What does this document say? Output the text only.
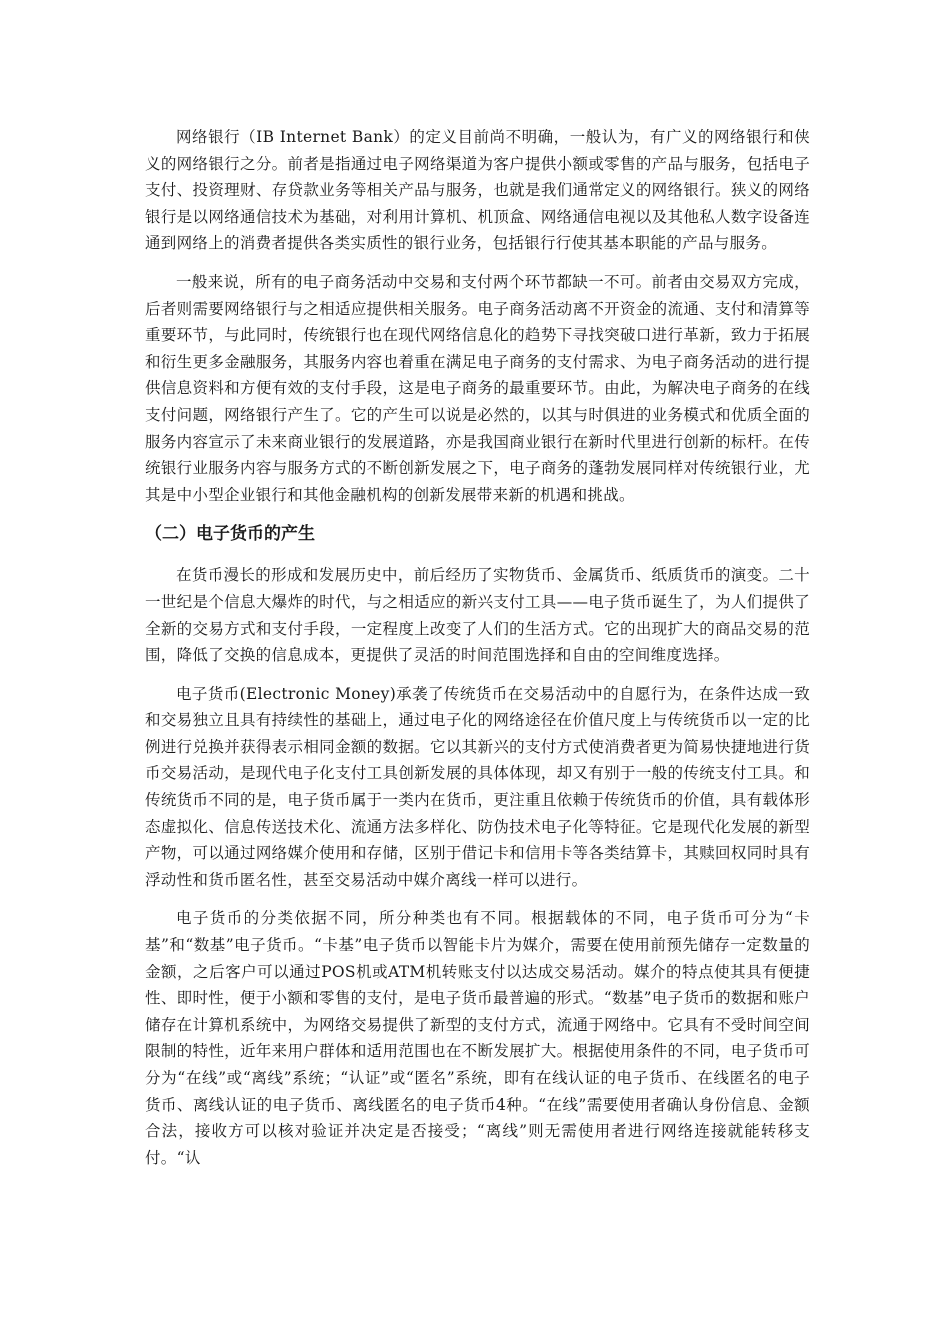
网络银行（IB Internet Bank）的定义目前尚不明确，一般认为，有广义的网络银行和侠义的网络银行之分。前者是指通过电子网络渠道为客户提供小额或零售的产品与服务，包括电子支付、投资理财、存贷款业务等相关产品与服务，也就是我们通常定义的网络银行。狭义的网络银行是以网络通信技术为基础，对利用计算机、机顶盒、网络通信电视以及其他私人数字设备连通到网络上的消费者提供各类实质性的银行业务，包括银行行使其基本职能的产品与服务。

一般来说，所有的电子商务活动中交易和支付两个环节都缺一不可。前者由交易双方完成，后者则需要网络银行与之相适应提供相关服务。电子商务活动离不开资金的流通、支付和清算等重要环节，与此同时，传统银行也在现代网络信息化的趋势下寻找突破口进行革新，致力于拓展和衍生更多金融服务，其服务内容也着重在满足电子商务的支付需求、为电子商务活动的进行提供信息资料和方便有效的支付手段，这是电子商务的最重要环节。由此，为解决电子商务的在线支付问题，网络银行产生了。它的产生可以说是必然的，以其与时俱进的业务模式和优质全面的服务内容宣示了未来商业银行的发展道路，亦是我国商业银行在新时代里进行创新的标杆。在传统银行业服务内容与服务方式的不断创新发展之下，电子商务的蓬勃发展同样对传统银行业，尤其是中小型企业银行和其他金融机构的创新发展带来新的机遇和挑战。

（二）电子货币的产生

在货币漫长的形成和发展历史中，前后经历了实物货币、金属货币、纸质货币的演变。二十一世纪是个信息大爆炸的时代，与之相适应的新兴支付工具——电子货币诞生了，为人们提供了全新的交易方式和支付手段，一定程度上改变了人们的生活方式。它的出现扩大的商品交易的范围，降低了交换的信息成本，更提供了灵活的时间范围选择和自由的空间维度选择。

电子货币(Electronic Money)承袭了传统货币在交易活动中的自愿行为，在条件达成一致和交易独立且具有持续性的基础上，通过电子化的网络途径在价值尺度上与传统货币以一定的比例进行兑换并获得表示相同金额的数据。它以其新兴的支付方式使消费者更为简易快捷地进行货币交易活动，是现代电子化支付工具创新发展的具体体现，却又有别于一般的传统支付工具。和传统货币不同的是，电子货币属于一类内在货币，更注重且依赖于传统货币的价值，具有载体形态虚拟化、信息传送技术化、流通方法多样化、防伪技术电子化等特征。它是现代化发展的新型产物，可以通过网络媒介使用和存储，区别于借记卡和信用卡等各类结算卡，其赎回权同时具有浮动性和货币匿名性，甚至交易活动中媒介离线一样可以进行。

电子货币的分类依据不同，所分种类也有不同。根据载体的不同，电子货币可分为“卡基”和“数基”电子货币。“卡基”电子货币以智能卡片为媒介，需要在使用前预先储存一定数量的金额，之后客户可以通过POS机或ATM机转账支付以达成交易活动。媒介的特点使其具有便捷性、即时性，便于小额和零售的支付，是电子货币最普遍的形式。“数基”电子货币的数据和账户储存在计算机系统中，为网络交易提供了新型的支付方式，流通于网络中。它具有不受时间空间限制的特性，近年来用户群体和适用范围也在不断发展扩大。根据使用条件的不同，电子货币可分为“在线”或“离线”系统；“认证”或“匿名”系统，即有在线认证的电子货币、在线匿名的电子货币、离线认证的电子货币、离线匿名的电子货币4种。“在线”需要使用者确认身份信息、金额合法，接收方可以核对验证并决定是否接受；“离线”则无需使用者进行网络连接就能转移支付。“认
